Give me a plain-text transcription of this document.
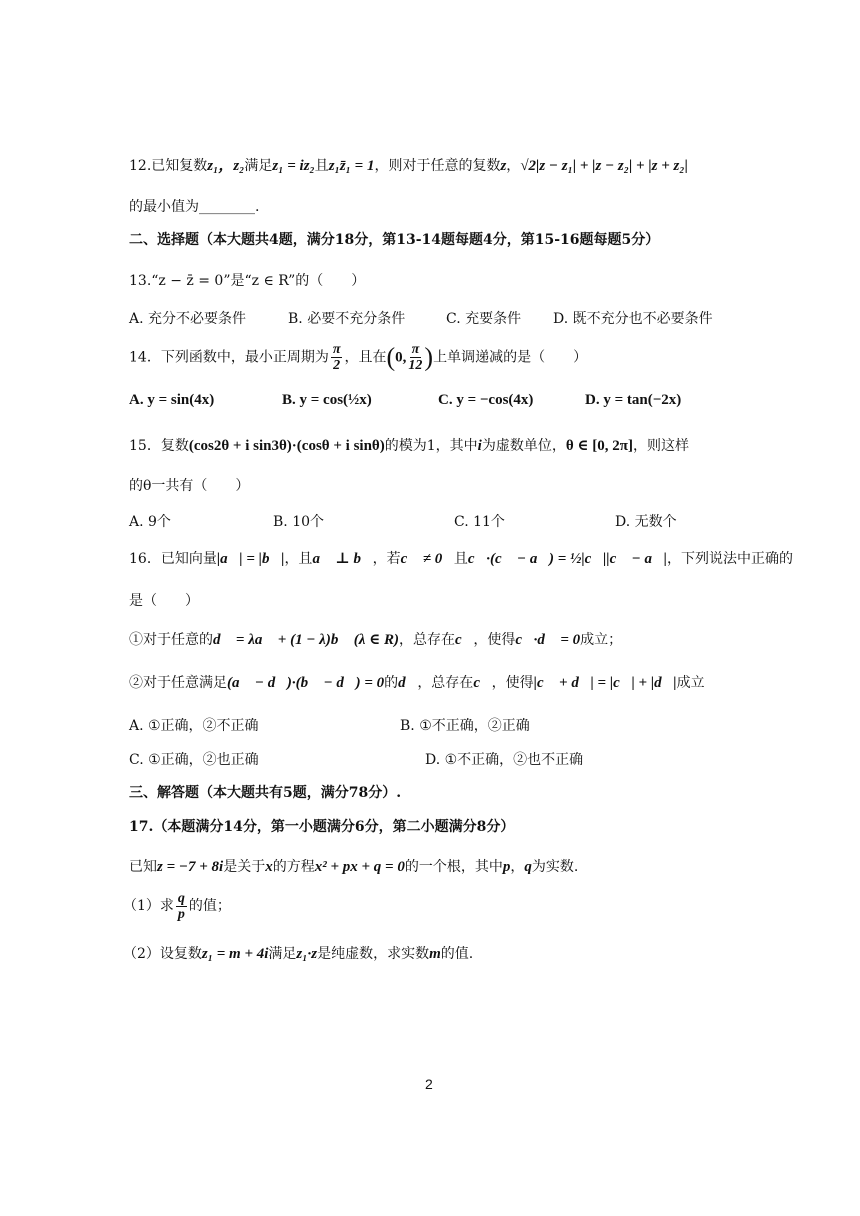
12.已知复数z₁，z₂满足z₁ = iz₂且z₁z̄₁ = 1，则对于任意的复数z，√2|z − z₁| + |z − z₂| + |z + z₂|
的最小值为________.
二、选择题（本大题共4题，满分18分，第13-14题每题4分，第15-16题每题5分）
13.“z − z̄ = 0”是“z ∈ R”的（　　）
A. 充分不必要条件	B. 必要不充分条件	C. 充要条件 D. 既不充分也不必要条件
14．下列函数中，最小正周期为 $\frac{\pi}{2}$ ，且在(0, $\frac{\pi}{12}$ )上单调递减的是（　　）
A. y = sin(4x)	B. y = cos(½x)	C. y = −cos(4x)	D. y = tan(−2x)
15．复数(cos2θ + i sin3θ)·(cosθ + i sinθ)的模为1，其中i为虚数单位，θ ∈ [0, 2π]，则这样
的θ一共有（　　）
A. 9个	B. 10个	C. 11个	D. 无数个
16．已知向量|a⃗| = |b⃗|，且a⃗ ⊥ b⃗，若c⃗ ≠ 0⃗且c⃗·(c⃗ − a⃗) = ½|c⃗||c⃗ − a⃗|，下列说法中正确的
是（　　）
①对于任意的d⃗ = λa⃗ + (1 − λ)b⃗ (λ ∈ R)，总存在c⃗，使得c⃗·d⃗ = 0成立；
②对于任意满足(a⃗ − d⃗)·(b⃗ − d⃗) = 0的d⃗，总存在c⃗，使得|c⃗ + d⃗| = |c⃗| + |d⃗|成立
A. ①正确，②不正确	B. ①不正确，②正确
C. ①正确，②也正确	D. ①不正确，②也不正确
三、解答题（本大题共有5题，满分78分）.
17.（本题满分14分，第一小题满分6分，第二小题满分8分）
已知z = −7 + 8i是关于x的方程x² + px + q = 0的一个根，其中p，q为实数.
（1）求 $\frac{q}{p}$ 的值；
（2）设复数z₁ = m + 4i满足z₁·z是纯虚数，求实数m的值.
2
